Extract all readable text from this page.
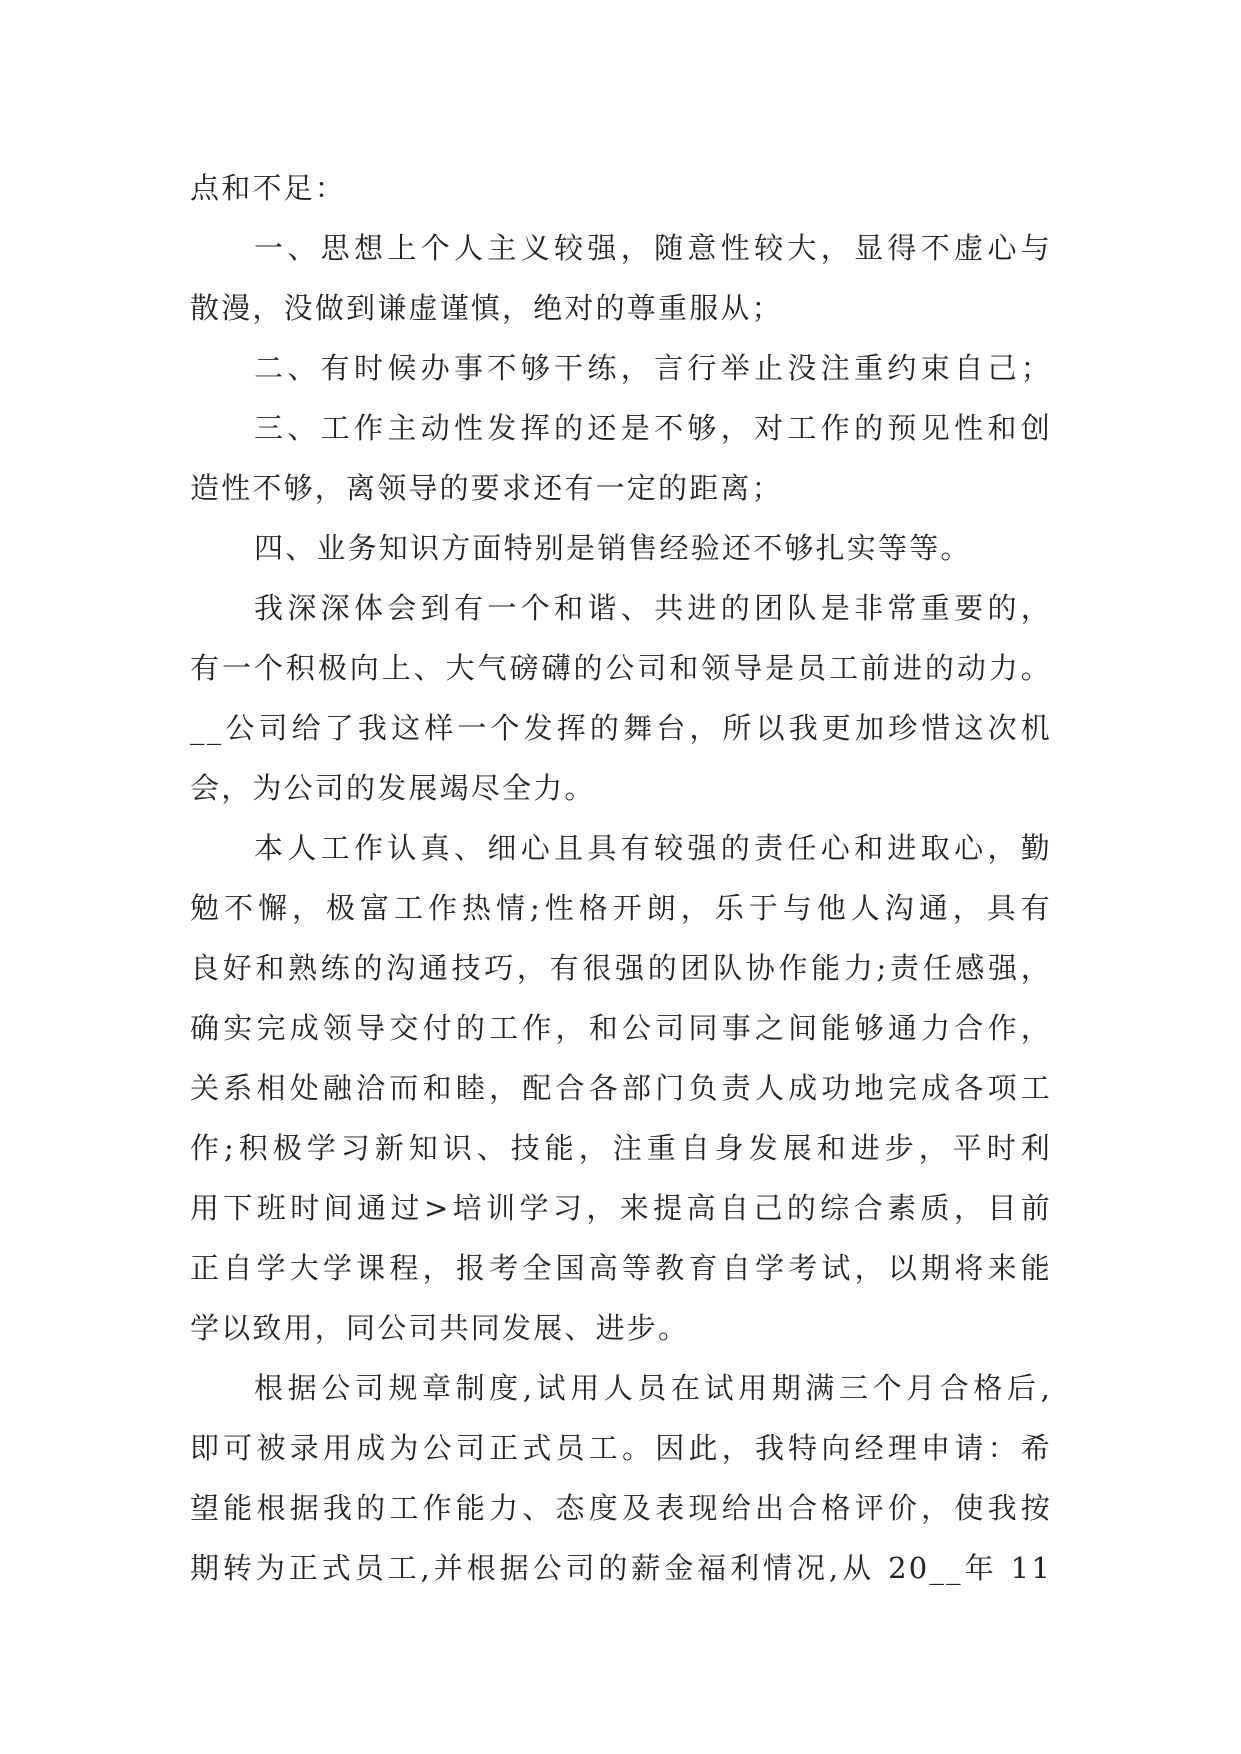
点和不足：
一、思想上个人主义较强，随意性较大，显得不虚心与
散漫，没做到谦虚谨慎，绝对的尊重服从；
二、有时候办事不够干练，言行举止没注重约束自己；
三、工作主动性发挥的还是不够，对工作的预见性和创
造性不够，离领导的要求还有一定的距离；
四、业务知识方面特别是销售经验还不够扎实等等。
我深深体会到有一个和谐、共进的团队是非常重要的，
有一个积极向上、大气磅礴的公司和领导是员工前进的动力。
__公司给了我这样一个发挥的舞台，所以我更加珍惜这次机
会，为公司的发展竭尽全力。
本人工作认真、细心且具有较强的责任心和进取心，勤
勉不懈，极富工作热情;性格开朗，乐于与他人沟通，具有
良好和熟练的沟通技巧，有很强的团队协作能力;责任感强，
确实完成领导交付的工作，和公司同事之间能够通力合作，
关系相处融洽而和睦，配合各部门负责人成功地完成各项工
作;积极学习新知识、技能，注重自身发展和进步，平时利
用下班时间通过>培训学习，来提高自己的综合素质，目前
正自学大学课程，报考全国高等教育自学考试，以期将来能
学以致用，同公司共同发展、进步。
根据公司规章制度,试用人员在试用期满三个月合格后,
即可被录用成为公司正式员工。因此，我特向经理申请：希
望能根据我的工作能力、态度及表现给出合格评价，使我按
期转为正式员工,并根据公司的薪金福利情况,从 20__年 11
